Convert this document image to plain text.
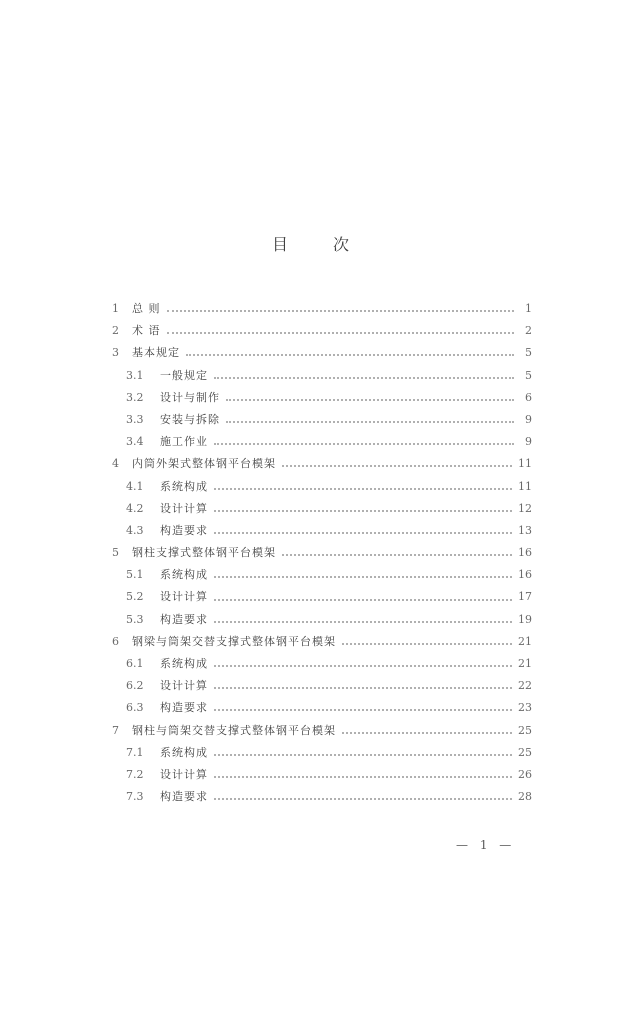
目 次
1	总 则	1
2	术 语	2
3	基本规定	5
3.1	一般规定	5
3.2	设计与制作	6
3.3	安装与拆除	9
3.4	施工作业	9
4	内筒外架式整体钢平台模架	11
4.1	系统构成	11
4.2	设计计算	12
4.3	构造要求	13
5	钢柱支撑式整体钢平台模架	16
5.1	系统构成	16
5.2	设计计算	17
5.3	构造要求	19
6	钢梁与筒架交替支撑式整体钢平台模架	21
6.1	系统构成	21
6.2	设计计算	22
6.3	构造要求	23
7	钢柱与筒架交替支撑式整体钢平台模架	25
7.1	系统构成	25
7.2	设计计算	26
7.3	构造要求	28
— 1 —
